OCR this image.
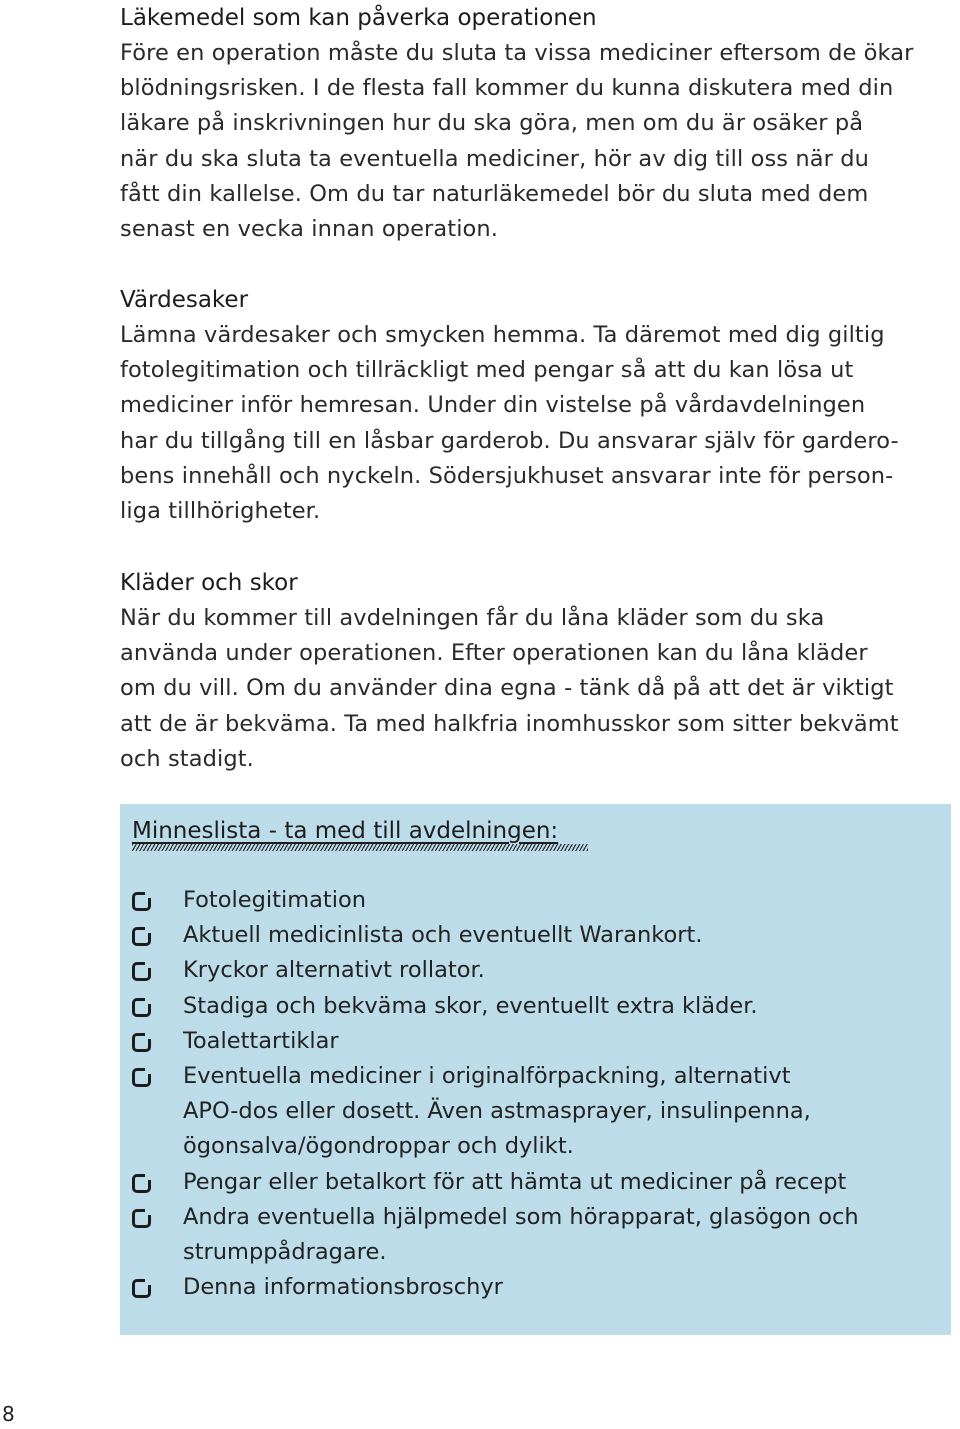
Läkemedel som kan påverka operationen

Före en operation måste du sluta ta vissa mediciner eftersom de ökar
blödningsrisken. I de flesta fall kommer du kunna diskutera med din
läkare på inskrivningen hur du ska göra, men om du är osäker på
när du ska sluta ta eventuella mediciner, hör av dig till oss när du
fått din kallelse. Om du tar naturläkemedel bör du sluta med dem
senast en vecka innan operation.

Värdesaker

Lämna värdesaker och smycken hemma. Ta däremot med dig giltig
fotolegitimation och tillräckligt med pengar så att du kan lösa ut
mediciner inför hemresan. Under din vistelse på vårdavdelningen
har du tillgång till en låsbar garderob. Du ansvarar själv för gardero-
bens innehåll och nyckeln. Södersjukhuset ansvarar inte för person-
liga tillhörigheter.

Kläder och skor

När du kommer till avdelningen får du låna kläder som du ska
använda under operationen. Efter operationen kan du låna kläder
om du vill. Om du använder dina egna - tänk då på att det är viktigt
att de är bekväma. Ta med halkfria inomhusskor som sitter bekvämt
och stadigt.

Minneslista - ta med till avdelningen:
Fotolegitimation
Aktuell medicinlista och eventuellt Warankort.
Kryckor alternativt rollator.
Stadiga och bekväma skor, eventuellt extra kläder.
Toalettartiklar
Eventuella mediciner i originalförpackning, alternativt
APO-dos eller dosett. Även astmasprayer, insulinpenna,
ögonsalva/ögondroppar och dylikt.
Pengar eller betalkort för att hämta ut mediciner på recept
Andra eventuella hjälpmedel som hörapparat, glasögon och
strumppådragare.
Denna informationsbroschyr
8
